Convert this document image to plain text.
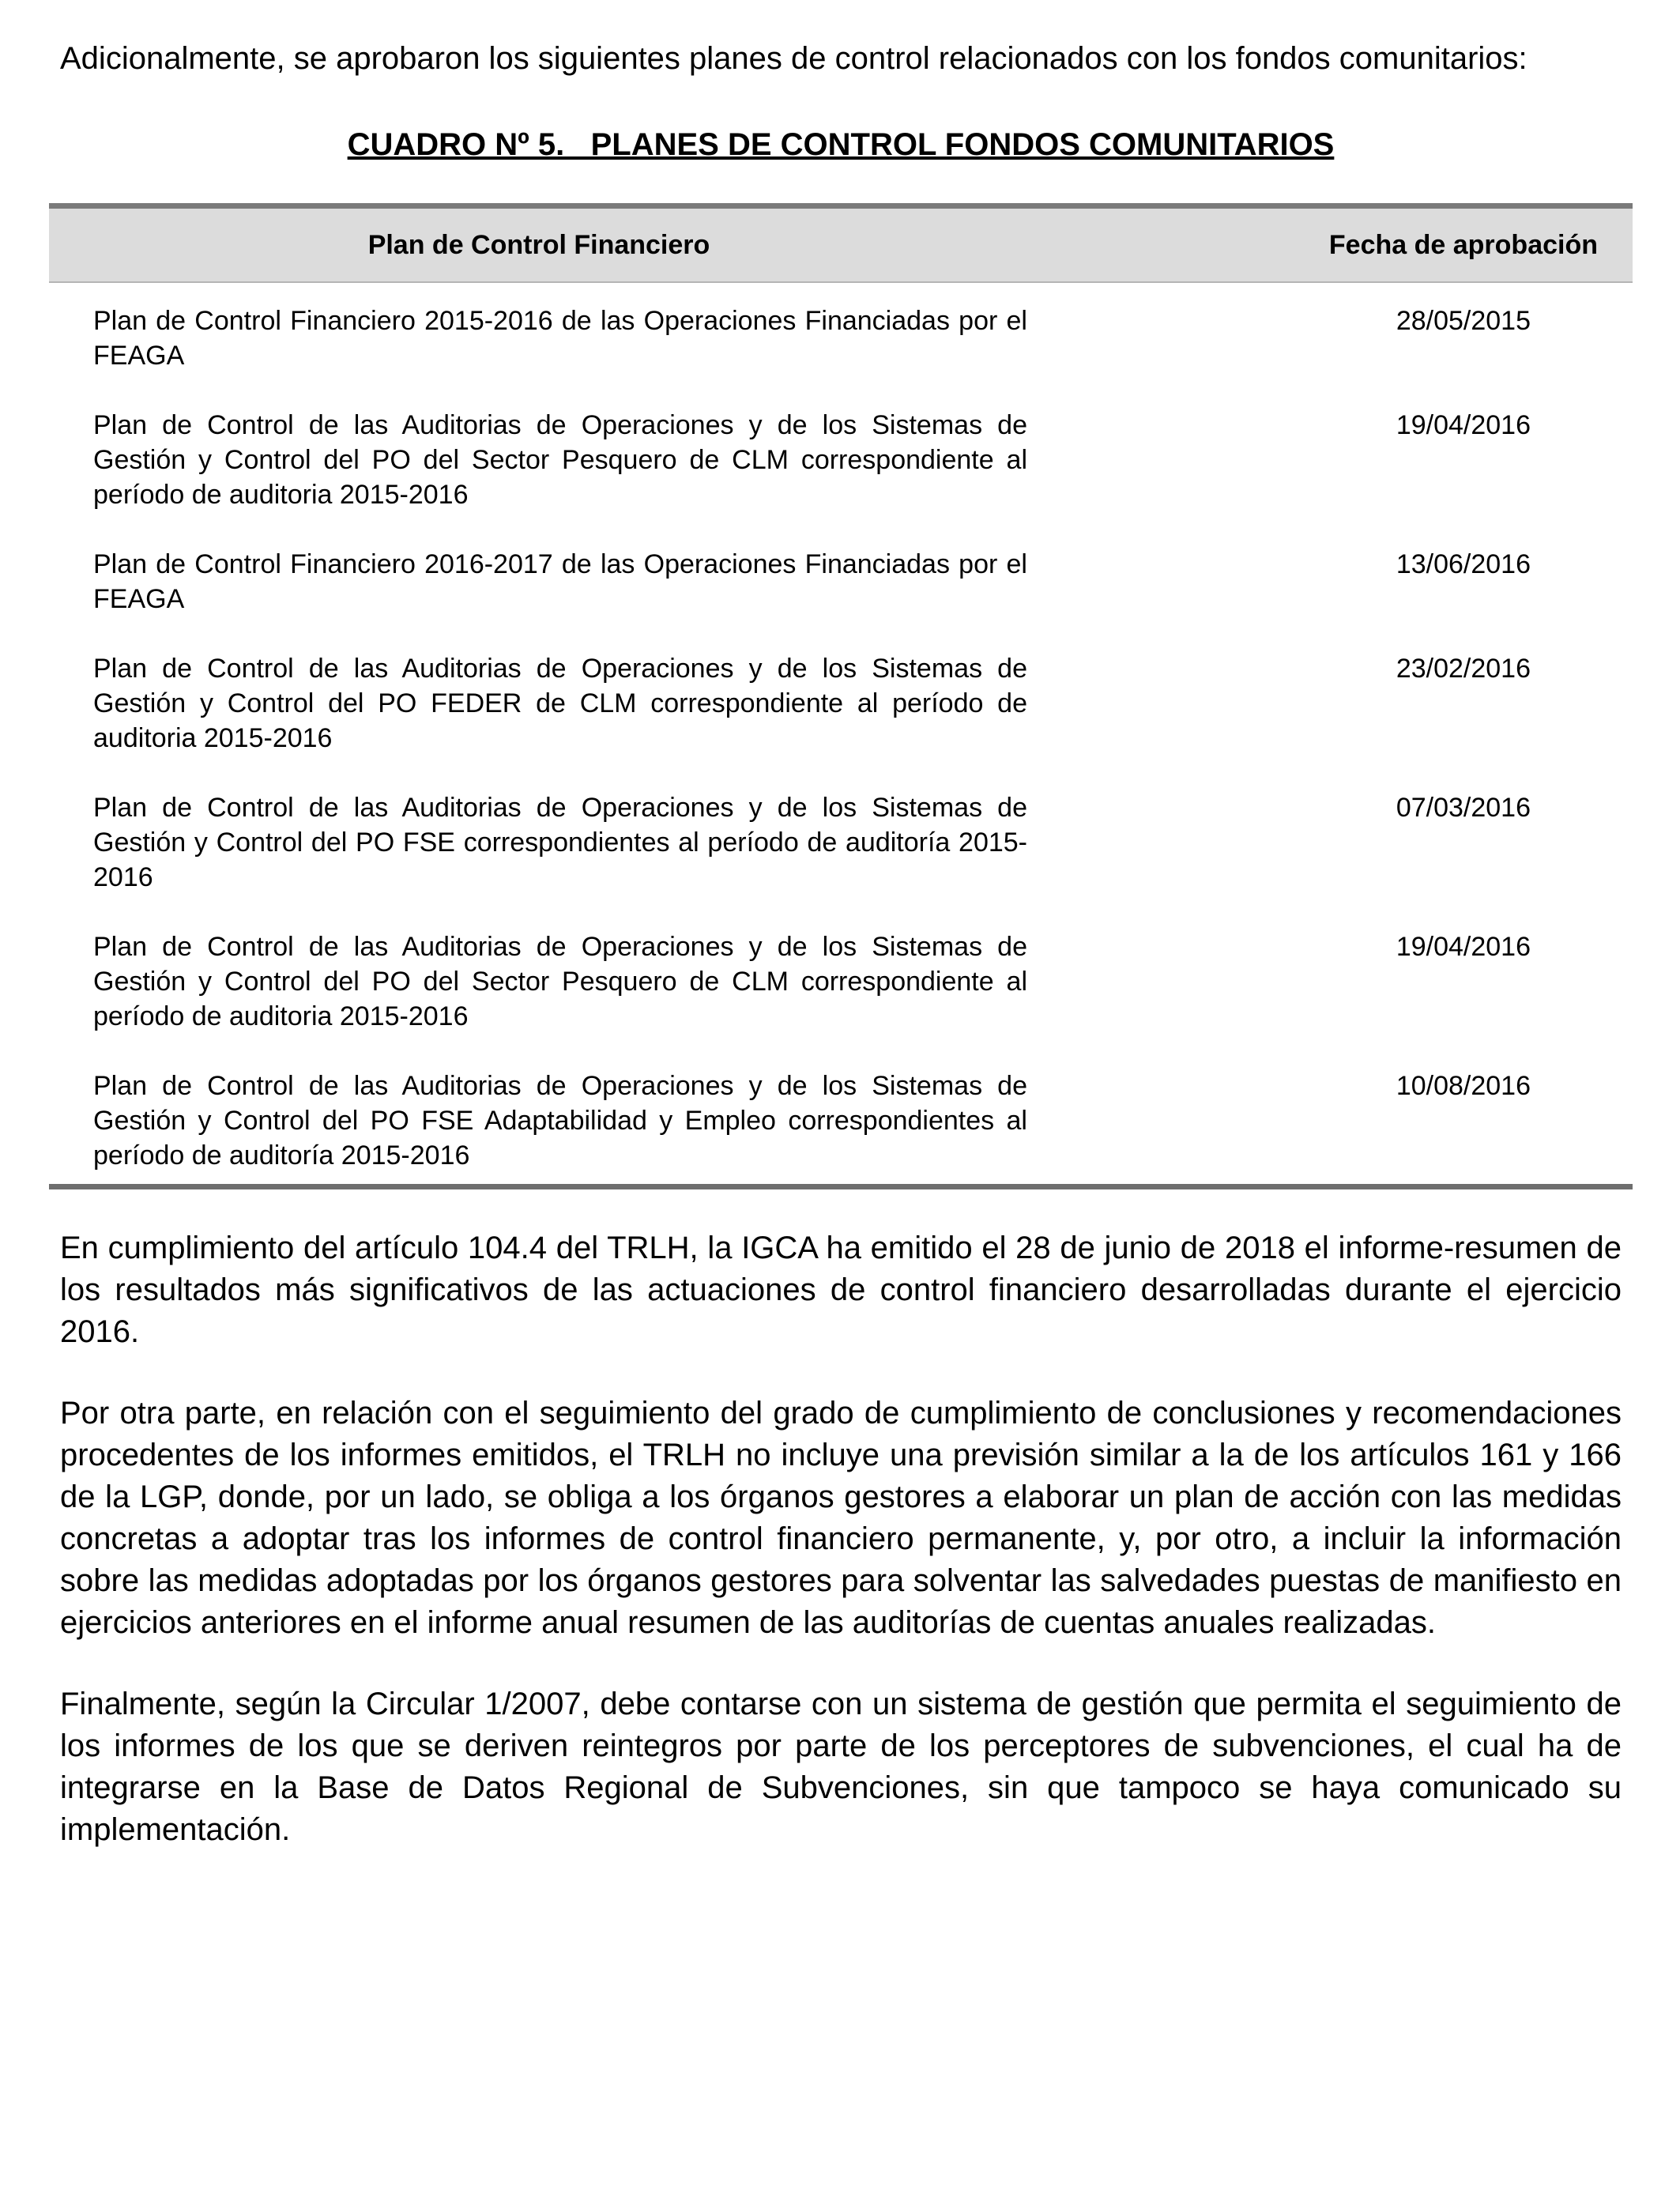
Adicionalmente, se aprobaron los siguientes planes de control relacionados con los fondos comunitarios:

CUADRO Nº 5.   PLANES DE CONTROL FONDOS COMUNITARIOS

Plan de Control Financiero	Fecha de aprobación
Plan de Control Financiero 2015-2016 de las Operaciones Financiadas por el FEAGA
28/05/2015
Plan de Control de las Auditorias de Operaciones y de los Sistemas de Gestión y Control del PO del Sector Pesquero de CLM correspondiente al período de auditoria 2015-2016
19/04/2016
Plan de Control Financiero 2016-2017 de las Operaciones Financiadas por el FEAGA
13/06/2016
Plan de Control de las Auditorias de Operaciones y de los Sistemas de Gestión y Control del PO FEDER de CLM correspondiente al período de auditoria 2015-2016
23/02/2016
Plan de Control de las Auditorias de Operaciones y de los Sistemas de Gestión y Control del PO FSE correspondientes al período de auditoría 2015-2016
07/03/2016
Plan de Control de las Auditorias de Operaciones y de los Sistemas de Gestión y Control del PO del Sector Pesquero de CLM correspondiente al período de auditoria 2015-2016
19/04/2016
Plan de Control de las Auditorias de Operaciones y de los Sistemas de Gestión y Control del PO FSE Adaptabilidad y Empleo correspondientes al período de auditoría 2015-2016
10/08/2016

En cumplimiento del artículo 104.4 del TRLH, la IGCA ha emitido el 28 de junio de 2018 el informe-resumen de los resultados más significativos de las actuaciones de control financiero desarrolladas durante el ejercicio 2016.

Por otra parte, en relación con el seguimiento del grado de cumplimiento de conclusiones y recomendaciones procedentes de los informes emitidos, el TRLH no incluye una previsión similar a la de los artículos 161 y 166 de la LGP, donde, por un lado, se obliga a los órganos gestores a elaborar un plan de acción con las medidas concretas a adoptar tras los informes de control financiero permanente, y, por otro, a incluir la información sobre las medidas adoptadas por los órganos gestores para solventar las salvedades puestas de manifiesto en ejercicios anteriores en el informe anual resumen de las auditorías de cuentas anuales realizadas.

Finalmente, según la Circular 1/2007, debe contarse con un sistema de gestión que permita el seguimiento de los informes de los que se deriven reintegros por parte de los perceptores de subvenciones, el cual ha de integrarse en la Base de Datos Regional de Subvenciones, sin que tampoco se haya comunicado su implementación.
